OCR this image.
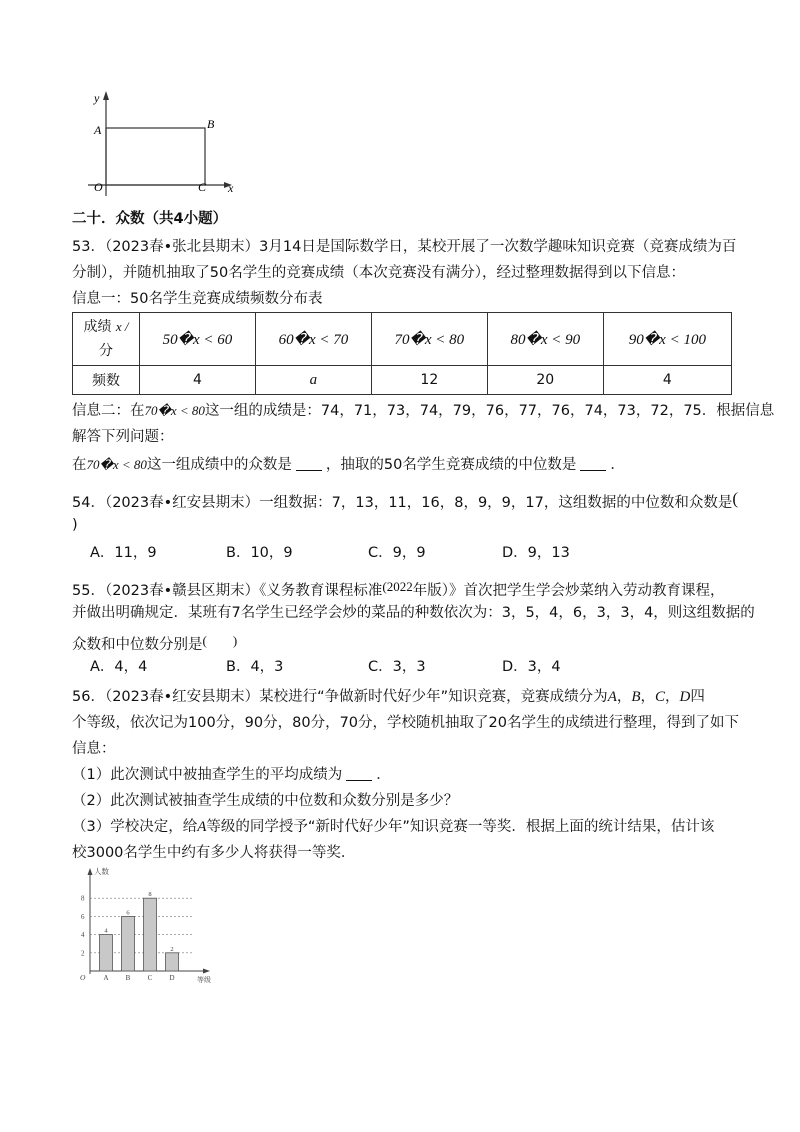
y
A	B
O	C x
二十．众数（共4小题）
53．（2023春•张北县期末）3月14日是国际数学日，某校开展了一次数学趣味知识竞赛（竞赛成绩为百
分制），并随机抽取了50名学生的竞赛成绩（本次竞赛没有满分），经过整理数据得到以下信息：
信息一：50名学生竞赛成绩频数分布表
成绩 x /
分	50�x < 60	60�x < 70	70�x < 80	80�x < 90	90�x < 100
频数	4	a	12	20	4
信息二：在70�x < 80这一组的成绩是：74，71，73，74，79，76，77，76，74，73，72，75．根据信息
解答下列问题：
在70�x < 80这一组成绩中的众数是 ，抽取的50名学生竞赛成绩的中位数是 ．
54．（2023春•红安县期末）一组数据：7，13，11，16，8，9，9，17，这组数据的中位数和众数是(
)
A．11，9	B．10，9	C．9，9	D．9，13
55．（2023春•赣县区期末）《义务教育课程标准(2022年版）》首次把学生学会炒菜纳入劳动教育课程，
并做出明确规定．某班有7名学生已经学会炒的菜品的种数依次为：3，5，4，6，3，3，4，则这组数据的
众数和中位数分别是(　　)
A．4，4	B．4，3	C．3，3	D．3，4
56．（2023春•红安县期末）某校进行“争做新时代好少年”知识竞赛，竞赛成绩分为A，B，C，D四
个等级，依次记为100分，90分，80分，70分，学校随机抽取了20名学生的成绩进行整理，得到了如下
信息：
（1）此次测试中被抽查学生的平均成绩为 ．
（2）此次测试被抽查学生成绩的中位数和众数分别是多少？
（3）学校决定，给A等级的同学授予“新时代好少年”知识竞赛一等奖．根据上面的统计结果，估计该
校3000名学生中约有多少人将获得一等奖．
人数
等级
O
2
4
6
8
4
A
6
B
8
C
2
D
